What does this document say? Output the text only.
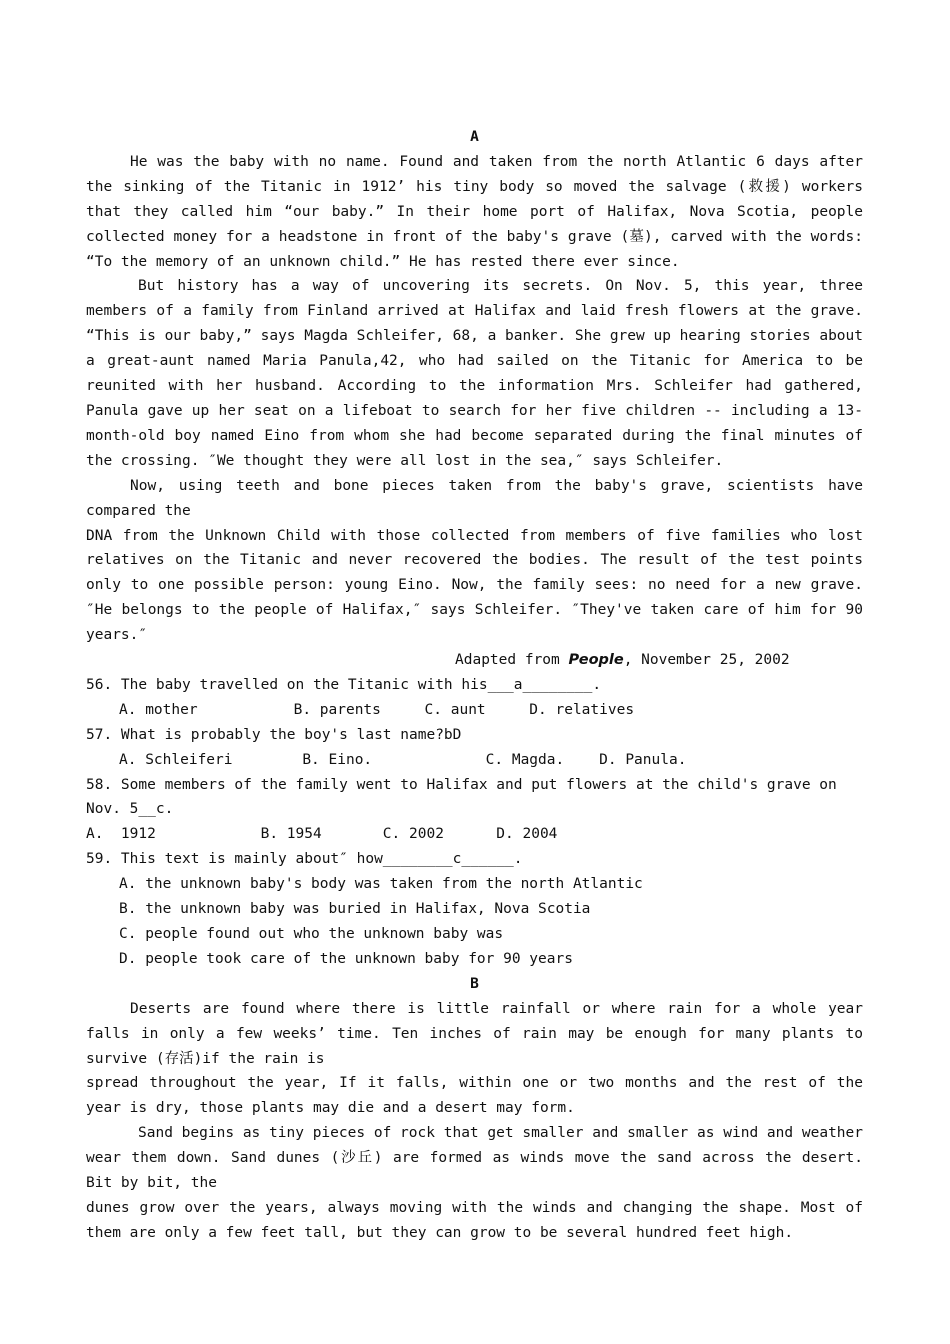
A

He was the baby with no name. Found and taken from the north Atlantic 6 days after the sinking of the Titanic in 1912’ his tiny body so moved the salvage (救援) workers that they called him “our baby.” In their home port of Halifax, Nova Scotia, people collected money for a headstone in front of the baby's grave (墓), carved with the words: “To the memory of an unknown child.” He has rested there ever since.

But history has a way of uncovering its secrets. On Nov. 5, this year, three members of a family from Finland arrived at Halifax and laid fresh flowers at the grave. “This is our baby,” says Magda Schleifer, 68, a banker. She grew up hearing stories about a great-aunt named Maria Panula,42, who had sailed on the Titanic for America to be reunited with her husband. According to the information Mrs. Schleifer had gathered, Panula gave up her seat on a lifeboat to search for her five children -- including a 13-month-old boy named Eino from whom she had become separated during the final minutes of the crossing. ″We thought they were all lost in the sea,″ says Schleifer.

Now, using teeth and bone pieces taken from the baby's grave, scientists have compared the

DNA from the Unknown Child with those collected from members of five families who lost relatives on the Titanic and never recovered the bodies. The result of the test points only to one possible person: young Eino. Now, the family sees: no need for a new grave. ″He belongs to the people of Halifax,″ says Schleifer. ″They've taken care of him for 90 years.″

Adapted from People, November 25, 2002

56. The baby travelled on the Titanic with his___a________.

A. mother           B. parents     C. aunt     D. relatives

57. What is probably the boy's last name?bD

A. Schleiferi        B. Eino.             C. Magda.    D. Panula.

58. Some members of the family went to Halifax and put flowers at the child's grave on Nov. 5__c.

A.  1912            B. 1954       C. 2002      D. 2004

59. This text is mainly about″ how________c______.

A. the unknown baby's body was taken from the north Atlantic

B. the unknown baby was buried in Halifax, Nova Scotia

C. people found out who the unknown baby was

D. people took care of the unknown baby for 90 years

B

Deserts are found where there is little rainfall or where rain for a whole year falls in only a few weeks’ time. Ten inches of rain may be enough for many plants to survive (存活)if the rain is

spread throughout the year, If it falls, within one or two months and the rest of the year is dry, those plants may die and a desert may form.

Sand begins as tiny pieces of rock that get smaller and smaller as wind and weather wear them down. Sand dunes (沙丘) are formed as winds move the sand across the desert. Bit by bit, the

dunes grow over the years, always moving with the winds and changing the shape. Most of them are only a few feet tall, but they can grow to be several hundred feet high.
